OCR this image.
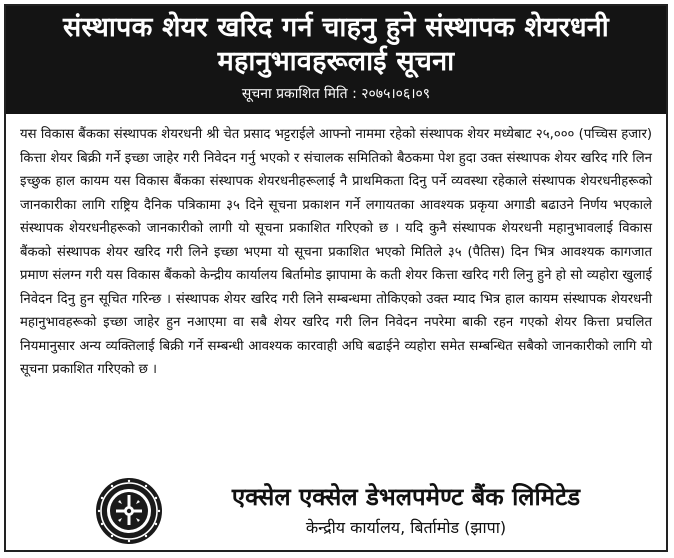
संस्थापक शेयर खरिद गर्न चाहनु हुने संस्थापक शेयरधनी
महानुभावहरूलाई सूचना
सूचना प्रकाशित मिति : २०७५।०६।०९
यस विकास बैंकका संस्थापक शेयरधनी श्री चेत प्रसाद भट्टराईले आफ्नो नाममा रहेको संस्थापक शेयर मध्येबाट २५,००० (पच्चिस हजार) कित्ता शेयर बिक्री गर्ने इच्छा जाहेर गरी निवेदन गर्नु भएको र संचालक समितिको बैठकमा पेश हुदा उक्त संस्थापक शेयर खरिद गरि लिन इच्छुक हाल कायम यस विकास बैंकका संस्थापक शेयरधनीहरूलाई नै प्राथमिकता दिनु पर्ने व्यवस्था रहेकाले संस्थापक शेयरधनीहरूको जानकारीका लागि राष्ट्रिय दैनिक पत्रिकामा ३५ दिने सूचना प्रकाशन गर्ने लगायतका आवश्यक प्रकृया अगाडी बढाउने निर्णय भएकाले संस्थापक शेयरधनीहरूको जानकारीको लागी यो सूचना प्रकाशित गरिएको छ । यदि कुनै संस्थापक शेयरधनी महानुभावलाई विकास बैंकको संस्थापक शेयर खरिद गरी लिने इच्छा भएमा यो सूचना प्रकाशित भएको मितिले ३५ (पैतिस) दिन भित्र आवश्यक कागजात प्रमाण संलग्न गरी यस विकास बैंकको केन्द्रीय कार्यालय बिर्तामोड झापामा के कती शेयर कित्ता खरिद गरी लिनु हुने हो सो व्यहोरा खुलाई निवेदन दिनु हुन सूचित गरिन्छ । संस्थापक शेयर खरिद गरी लिने सम्बन्धमा तोकिएको उक्त म्याद भित्र हाल कायम संस्थापक शेयरधनी महानुभावहरूको इच्छा जाहेर हुन नआएमा वा सबै शेयर खरिद गरी लिन निवेदन नपरेमा बाकी रहन गएको शेयर कित्ता प्रचलित नियमानुसार अन्य व्यक्तिलाई बिक्री गर्ने सम्बन्धी आवश्यक कारवाही अघि बढाईने व्यहोरा समेत सम्बन्धित सबैको जानकारीको लागि यो सूचना प्रकाशित गरिएको छ ।
एक्सेल एक्सेल डेभलपमेण्ट बैंक लिमिटेड
केन्द्रीय कार्यालय, बिर्तामोड (झापा)
